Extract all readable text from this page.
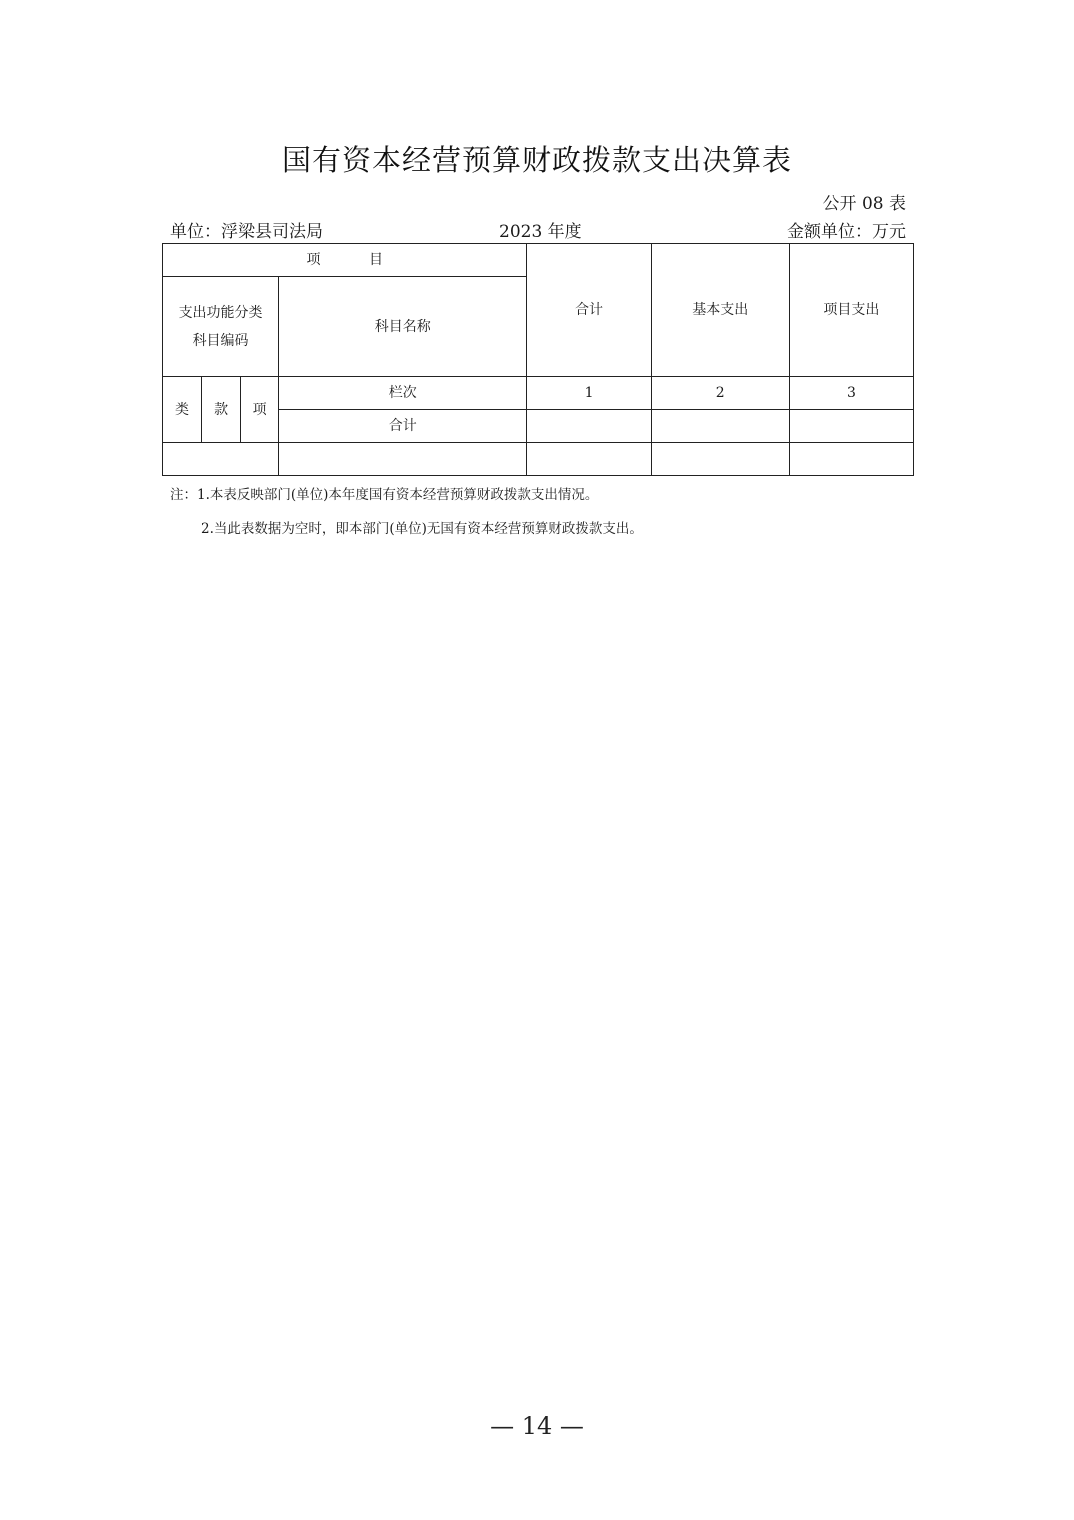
国有资本经营预算财政拨款支出决算表
公开 08 表
单位：浮梁县司法局	2023 年度	金额单位：万元
项 目				合计	基本支出	项目支出

支出功能分类科目编码			科目名称			
类	款	项	栏次	1	2	3
			合计			

注：1.本表反映部门(单位)本年度国有资本经营预算财政拨款支出情况。
2.当此表数据为空时，即本部门(单位)无国有资本经营预算财政拨款支出。
— 14 —
